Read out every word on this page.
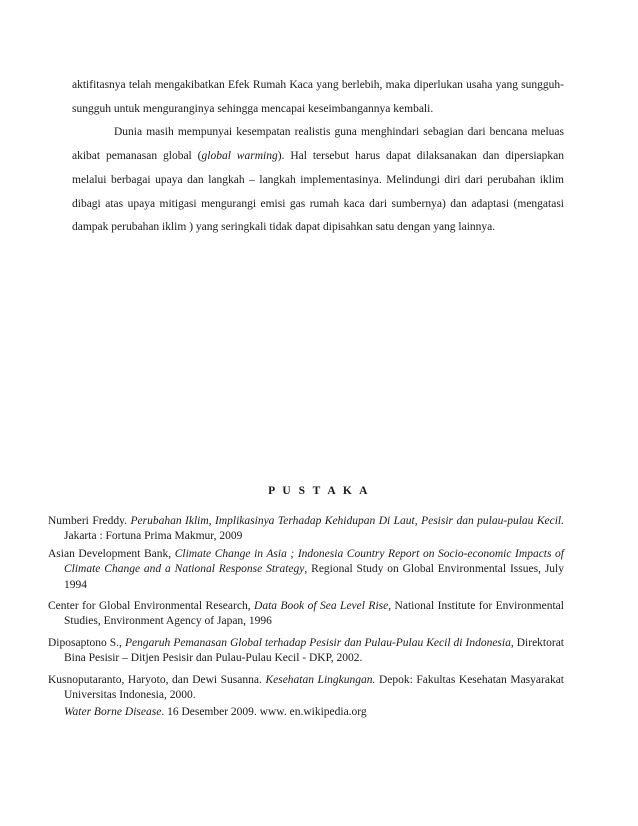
aktifitasnya telah mengakibatkan Efek Rumah Kaca yang berlebih, maka diperlukan usaha yang sungguh-sungguh untuk menguranginya sehingga mencapai keseimbangannya kembali.

Dunia masih mempunyai kesempatan realistis guna menghindari sebagian dari bencana meluas akibat pemanasan global (global warming). Hal tersebut harus dapat dilaksanakan dan dipersiapkan melalui berbagai upaya dan langkah – langkah implementasinya. Melindungi diri dari perubahan iklim dibagi atas upaya mitigasi mengurangi emisi gas rumah kaca dari sumbernya) dan adaptasi (mengatasi dampak perubahan iklim ) yang seringkali tidak dapat dipisahkan satu dengan yang lainnya.

P U S T A K A

Numberi Freddy. Perubahan Iklim, Implikasinya Terhadap Kehidupan Di Laut, Pesisir dan pulau-pulau Kecil. Jakarta : Fortuna Prima Makmur, 2009

Asian Development Bank, Climate Change in Asia ; Indonesia Country Report on Socio-economic Impacts of Climate Change and a National Response Strategy, Regional Study on Global Environmental Issues, July 1994

Center for Global Environmental Research, Data Book of Sea Level Rise, National Institute for Environmental Studies, Environment Agency of Japan, 1996

Diposaptono S., Pengaruh Pemanasan Global terhadap Pesisir dan Pulau-Pulau Kecil di Indonesia, Direktorat Bina Pesisir – Ditjen Pesisir dan Pulau-Pulau Kecil - DKP, 2002.

Kusnoputaranto, Haryoto, dan Dewi Susanna. Kesehatan Lingkungan. Depok: Fakultas Kesehatan Masyarakat Universitas Indonesia, 2000.

Water Borne Disease. 16 Desember 2009. www. en.wikipedia.org
